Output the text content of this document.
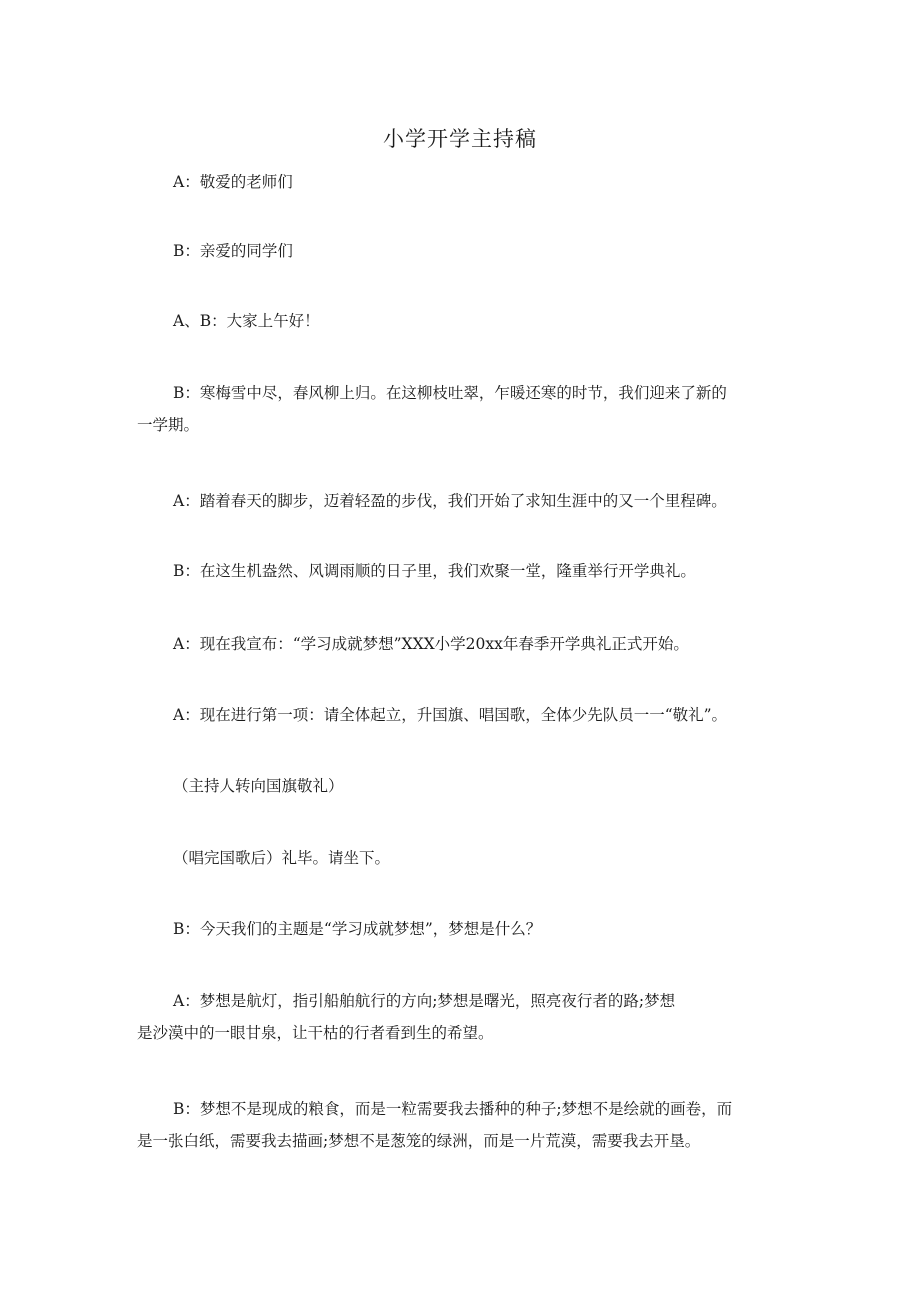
小学开学主持稿
A：敬爱的老师们
B：亲爱的同学们
A、B：大家上午好！
B：寒梅雪中尽，春风柳上归。在这柳枝吐翠，乍暖还寒的时节，我们迎来了新的
一学期。
A：踏着春天的脚步，迈着轻盈的步伐，我们开始了求知生涯中的又一个里程碑。
B：在这生机盎然、风调雨顺的日子里，我们欢聚一堂，隆重举行开学典礼。
A：现在我宣布：“学习成就梦想”XXX小学20xx年春季开学典礼正式开始。
A：现在进行第一项：请全体起立，升国旗、唱国歌，全体少先队员一一“敬礼”。
（主持人转向国旗敬礼）
（唱完国歌后）礼毕。请坐下。
B：今天我们的主题是“学习成就梦想”，梦想是什么？
A：梦想是航灯，指引船舶航行的方向;梦想是曙光，照亮夜行者的路;梦想
是沙漠中的一眼甘泉，让干枯的行者看到生的希望。
B：梦想不是现成的粮食，而是一粒需要我去播种的种子;梦想不是绘就的画卷，而
是一张白纸，需要我去描画;梦想不是葱笼的绿洲，而是一片荒漠，需要我去开垦。
